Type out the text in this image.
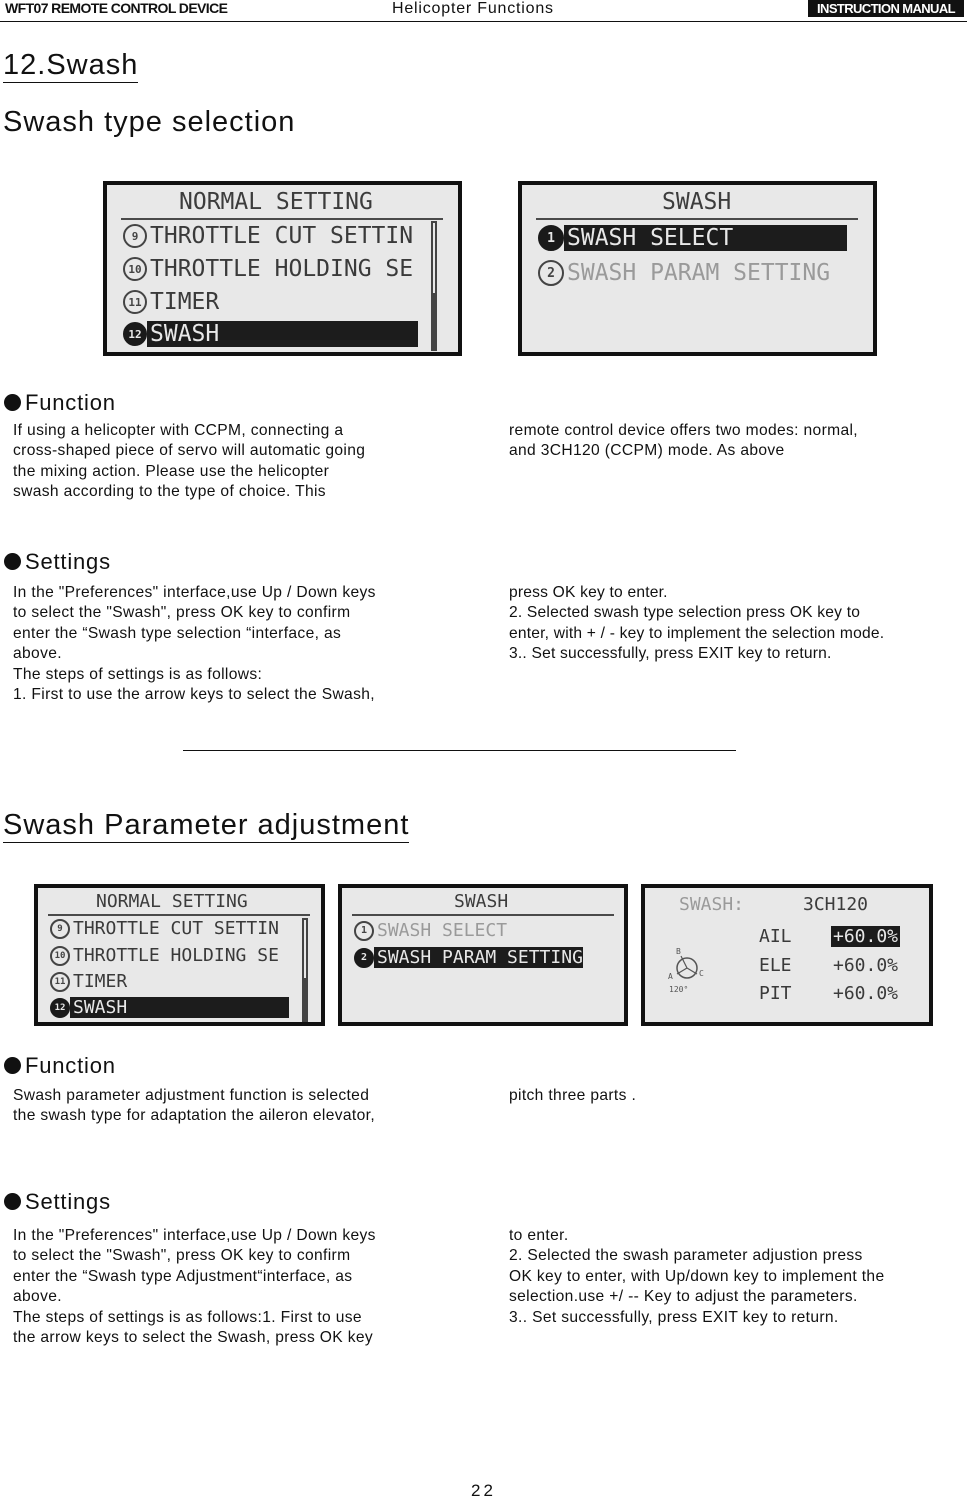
WFT07 REMOTE CONTROL DEVICE	Helicopter Functions	INSTRUCTION MANUAL
12.Swash
Swash type selection
NORMAL SETTING
9 THROTTLE CUT SETTIN
10 THROTTLE HOLDING SE
11 TIMER
12 SWASH
SWASH
1 SWASH SELECT
2 SWASH PARAM SETTING
Function
If using a helicopter with CCPM, connecting a
cross-shaped piece of servo will automatic going
the mixing action. Please use the helicopter
swash according to the type of choice. This
remote control device offers two modes: normal,
and 3CH120 (CCPM) mode. As above
Settings
In the "Preferences" interface,use Up / Down keys
to select the "Swash", press OK key to confirm
enter the “Swash type selection “interface, as
above.
The steps of settings is as follows:
1. First to use the arrow keys to select the Swash,
press OK key to enter.
2. Selected swash type selection press OK key to
enter, with + / - key to implement the selection mode.
3.. Set successfully, press EXIT key to return.
Swash Parameter adjustment
NORMAL SETTING
9 THROTTLE CUT SETTIN
10 THROTTLE HOLDING SE
11 TIMER
12 SWASH
SWASH
1 SWASH SELECT
2 SWASH PARAM SETTING
SWASH:	3CH120
B
A	C
120°
AIL	+60.0%
ELE	+60.0%
PIT	+60.0%
Function
Swash parameter adjustment function is selected
the swash type for adaptation the aileron elevator,
pitch three parts .
Settings
In the "Preferences" interface,use Up / Down keys
to select the "Swash", press OK key to confirm
enter the “Swash type Adjustment“interface, as
above.
The steps of settings is as follows:1. First to use
the arrow keys to select the Swash, press OK key
to enter.
2. Selected the swash parameter adjustion press
OK key to enter, with Up/down key to implement the
selection.use +/ -- Key to adjust the parameters.
3.. Set successfully, press EXIT key to return.
22
